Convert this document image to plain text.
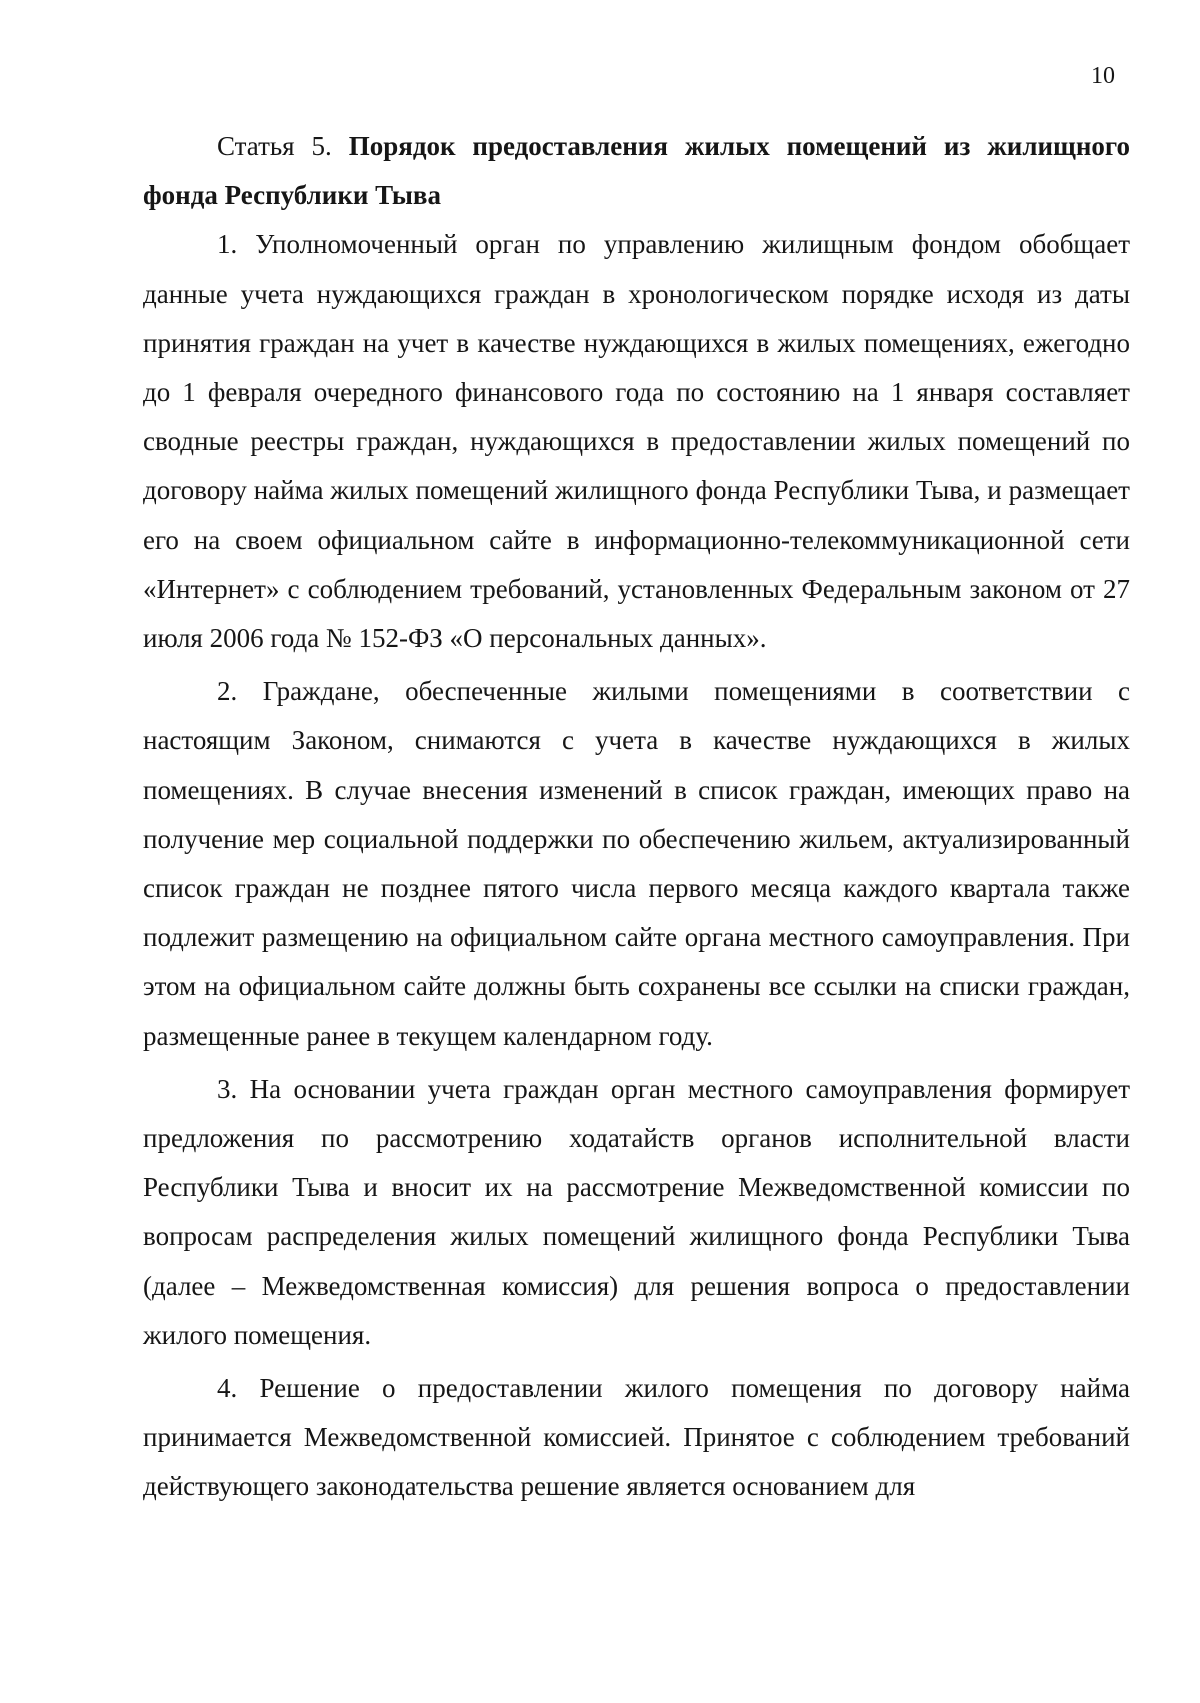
10

Статья 5. Порядок предоставления жилых помещений из жилищного фонда Республики Тыва

1. Уполномоченный орган по управлению жилищным фондом обобщает данные учета нуждающихся граждан в хронологическом порядке исходя из даты принятия граждан на учет в качестве нуждающихся в жилых помещениях, ежегодно до 1 февраля очередного финансового года по состоянию на 1 января составляет сводные реестры граждан, нуждающихся в предоставлении жилых помещений по договору найма жилых помещений жилищного фонда Республики Тыва, и размещает его на своем официальном сайте в информационно-телекоммуникационной сети «Интернет» с соблюдением требований, установленных Федеральным законом от 27 июля 2006 года № 152-ФЗ «О персональных данных».

2. Граждане, обеспеченные жилыми помещениями в соответствии с настоящим Законом, снимаются с учета в качестве нуждающихся в жилых помещениях. В случае внесения изменений в список граждан, имеющих право на получение мер социальной поддержки по обеспечению жильем, актуализированный список граждан не позднее пятого числа первого месяца каждого квартала также подлежит размещению на официальном сайте органа местного самоуправления. При этом на официальном сайте должны быть сохранены все ссылки на списки граждан, размещенные ранее в текущем календарном году.

3. На основании учета граждан орган местного самоуправления формирует предложения по рассмотрению ходатайств органов исполнительной власти Республики Тыва и вносит их на рассмотрение Межведомственной комиссии по вопросам распределения жилых помещений жилищного фонда Республики Тыва (далее – Межведомственная комиссия) для решения вопроса о предоставлении жилого помещения.

4. Решение о предоставлении жилого помещения по договору найма принимается Межведомственной комиссией. Принятое с соблюдением требований действующего законодательства решение является основанием для
